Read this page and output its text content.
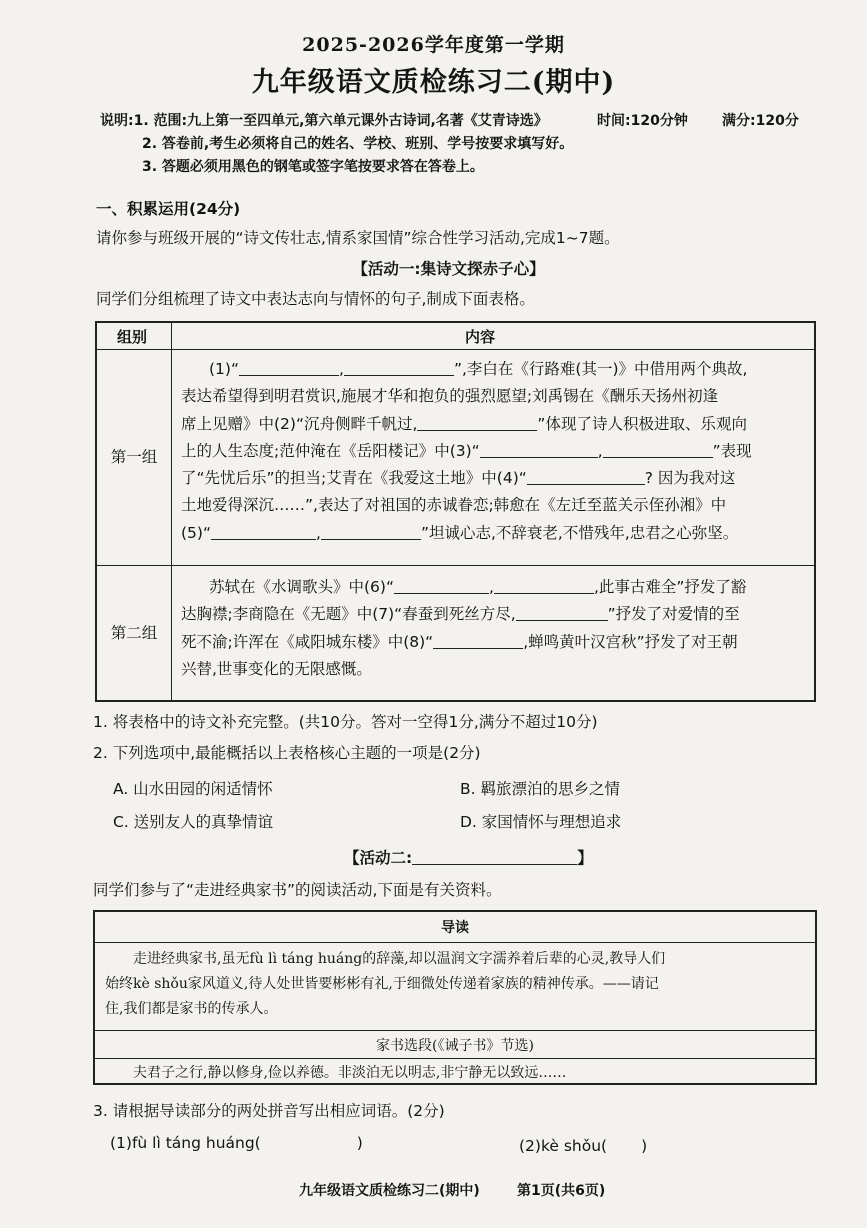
2025-2026学年度第一学期
九年级语文质检练习二(期中)
说明:1. 范围:九上第一至四单元,第六单元课外古诗词,名著《艾青诗选》	时间:120分钟 满分:120分
2. 答卷前,考生必须将自己的姓名、学校、班别、学号按要求填写好。
3. 答题必须用黑色的钢笔或签字笔按要求答在答卷上。
一、积累运用(24分)
请你参与班级开展的“诗文传壮志,情系家国情”综合性学习活动,完成1~7题。
【活动一:集诗文探赤子心】
同学们分组梳理了诗文中表达志向与情怀的句子,制成下面表格。
组别	内容
第一组
(1)“	,	”,李白在《行路难(其一)》中借用两个典故,
表达希望得到明君赏识,施展才华和抱负的强烈愿望;刘禹锡在《酬乐天扬州初逢
席上见赠》中(2)“沉舟侧畔千帆过,	”体现了诗人积极进取、乐观向
上的人生态度;范仲淹在《岳阳楼记》中(3)“	,	”表现
了“先忧后乐”的担当;艾青在《我爱这土地》中(4)“	? 因为我对这
土地爱得深沉……”,表达了对祖国的赤诚眷恋;韩愈在《左迁至蓝关示侄孙湘》中
(5)“	,	”坦诚心志,不辞衰老,不惜残年,忠君之心弥坚。
第二组
苏轼在《水调歌头》中(6)“	,	,此事古难全”抒发了豁
达胸襟;李商隐在《无题》中(7)“春蚕到死丝方尽,	”抒发了对爱情的至
死不渝;许浑在《咸阳城东楼》中(8)“	,蝉鸣黄叶汉宫秋”抒发了对王朝
兴替,世事变化的无限感慨。
1. 将表格中的诗文补充完整。(共10分。答对一空得1分,满分不超过10分)
2. 下列选项中,最能概括以上表格核心主题的一项是(2分)
A. 山水田园的闲适情怀	B. 羁旅漂泊的思乡之情
C. 送别友人的真挚情谊	D. 家国情怀与理想追求
【活动二:	】
同学们参与了“走进经典家书”的阅读活动,下面是有关资料。
导读
走进经典家书,虽无fù lì táng huáng的辞藻,却以温润文字濡养着后辈的心灵,教导人们
始终kè shǒu家风道义,待人处世皆要彬彬有礼,于细微处传递着家族的精神传承。——请记
住,我们都是家书的传承人。
家书选段(《诫子书》节选)
夫君子之行,静以修身,俭以养德。非淡泊无以明志,非宁静无以致远……
3. 请根据导读部分的两处拼音写出相应词语。(2分)
(1)fù lì táng huáng(	)	(2)kè shǒu( )
九年级语文质检练习二(期中)	第1页(共6页)
